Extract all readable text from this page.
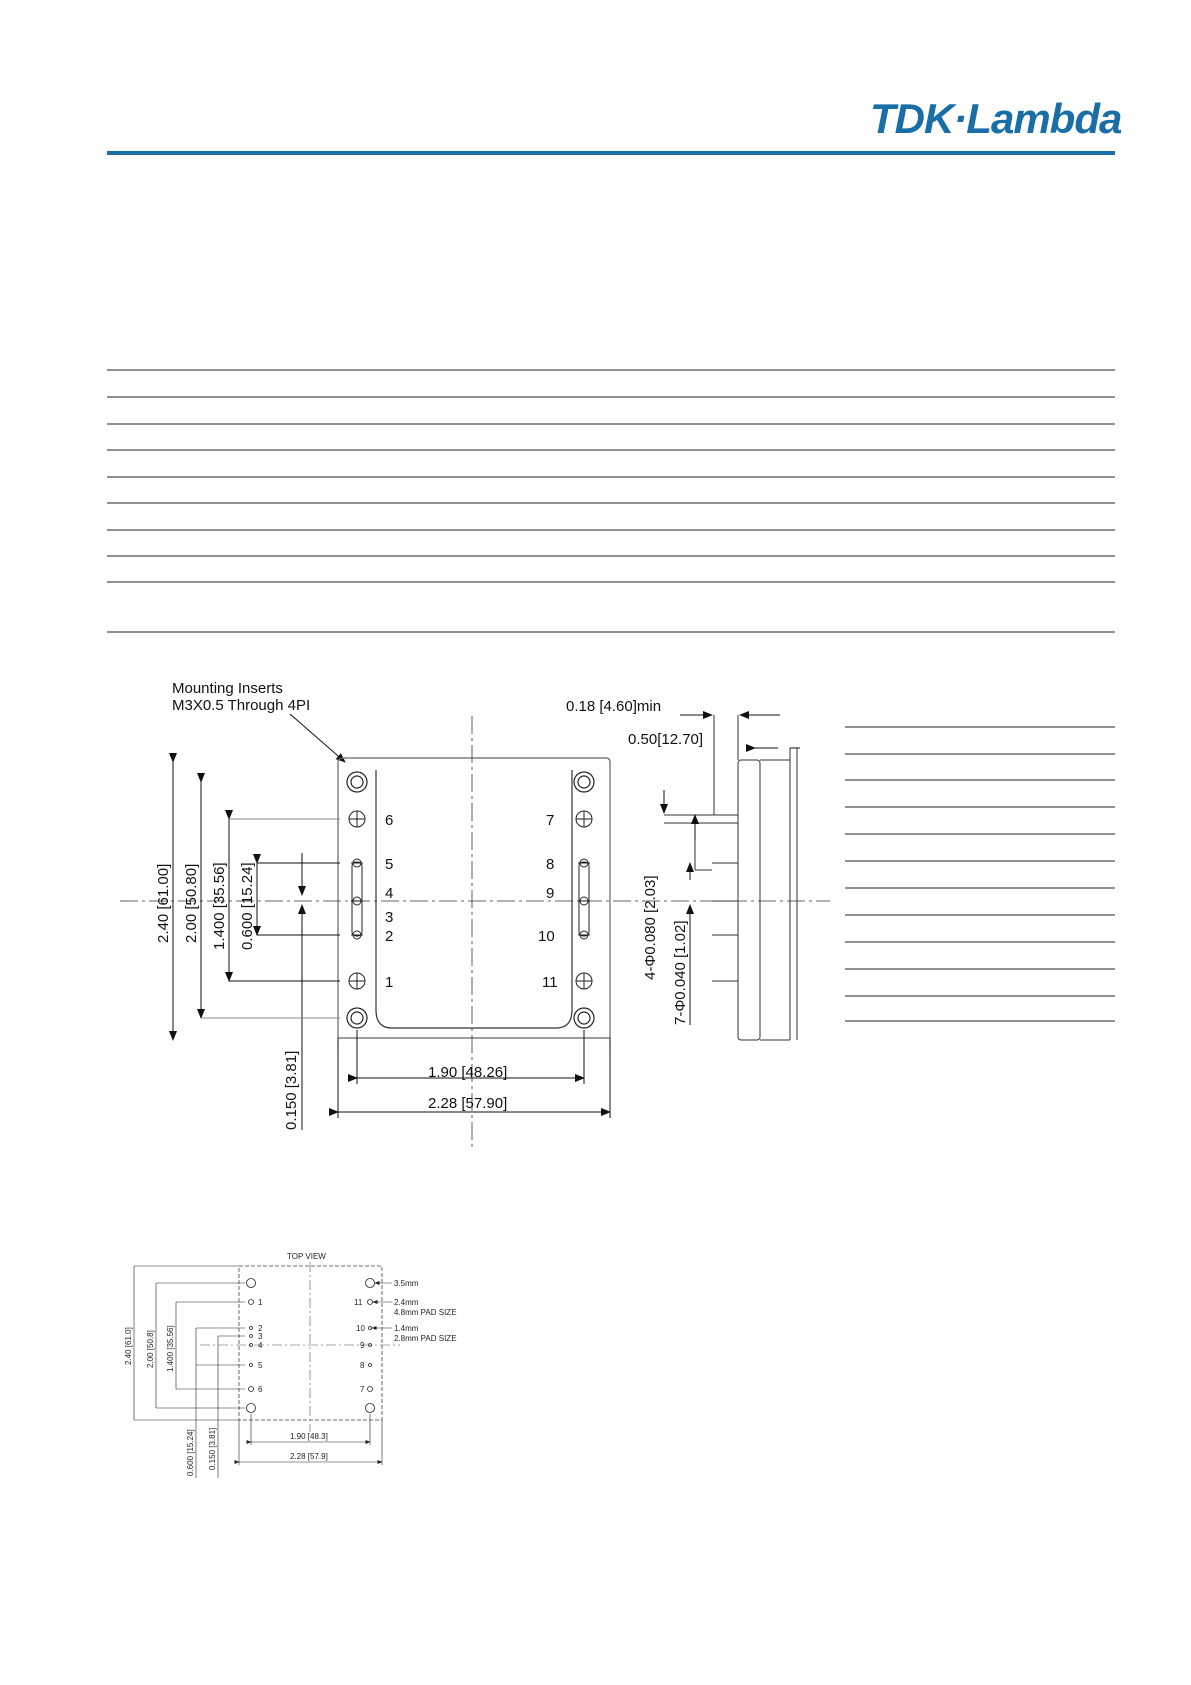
TDK·Lambda
Mounting Inserts
M3X0.5 Through 4PI
6
5
4
3
2
1
7
8
9
10
11
2.40 [61.00] 2.00 [50.80] 1.400 [35.56] 0.600 [15.24]
0.150 [3.81]	1.90 [48.26]
2.28 [57.90]
0.18 [4.60]min
0.50[12.70]
4-Φ0.080 [2.03] 7-Φ0.040 [1.02]
TOP VIEW
1
2
3
4
5
6
11
10
9
8
7
3.5mm
2.4mm
4.8mm PAD SIZE
1.4mm
2.8mm PAD SIZE
2.40 [61.0] 2.00 [50.8] 1.400 [35.56]
0.600 [15.24] 0.150 [3.81]	1.90 [48.3]
2.28 [57.9]
